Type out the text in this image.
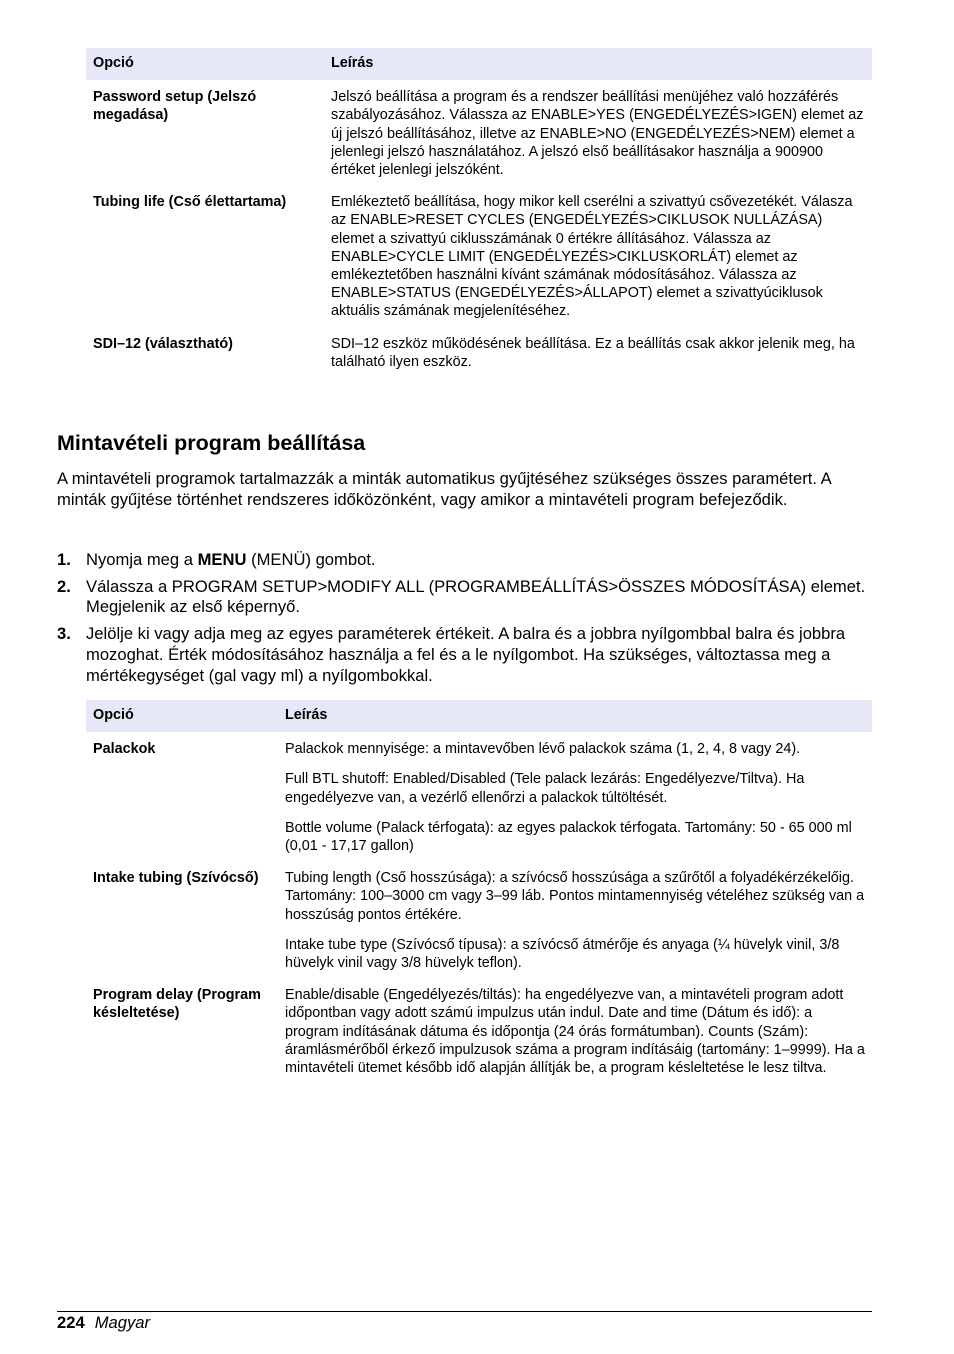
Opció	Leírás
Password setup (Jelszó megadása)	Jelszó beállítása a program és a rendszer beállítási menüjéhez való hozzáférés szabályozásához. Válassza az ENABLE>YES (ENGEDÉLYEZÉS>IGEN) elemet az új jelszó beállításához, illetve az ENABLE>NO (ENGEDÉLYEZÉS>NEM) elemet a jelenlegi jelszó használatához. A jelszó első beállításakor használja a 900900 értéket jelenlegi jelszóként.

Tubing life (Cső élettartama)	Emlékeztető beállítása, hogy mikor kell cserélni a szivattyú csővezetékét. Válasza az ENABLE>RESET CYCLES (ENGEDÉLYEZÉS>CIKLUSOK NULLÁZÁSA) elemet a szivattyú ciklusszámának 0 értékre állításához. Válassza az ENABLE>CYCLE LIMIT (ENGEDÉLYEZÉS>CIKLUSKORLÁT) elemet az emlékeztetőben használni kívánt számának módosításához. Válassza az ENABLE>STATUS (ENGEDÉLYEZÉS>ÁLLAPOT) elemet a szivattyúciklusok aktuális számának megjelenítéséhez.

SDI–12 (választható)	SDI–12 eszköz működésének beállítása. Ez a beállítás csak akkor jelenik meg, ha található ilyen eszköz.

Mintavételi program beállítása

A mintavételi programok tartalmazzák a minták automatikus gyűjtéséhez szükséges összes paramétert. A minták gyűjtése történhet rendszeres időközönként, vagy amikor a mintavételi program befejeződik.

1. Nyomja meg a MENU (MENÜ) gombot.
2. Válassza a PROGRAM SETUP>MODIFY ALL (PROGRAMBEÁLLÍTÁS>ÖSSZES MÓDOSÍTÁSA) elemet. Megjelenik az első képernyő.
3. Jelölje ki vagy adja meg az egyes paraméterek értékeit. A balra és a jobbra nyílgombbal balra és jobbra mozoghat. Érték módosításához használja a fel és a le nyílgombot. Ha szükséges, változtassa meg a mértékegységet (gal vagy ml) a nyílgombokkal.
Opció	Leírás
Palackok	Palackok mennyisége: a mintavevőben lévő palackok száma (1, 2, 4, 8 vagy 24).

Full BTL shutoff: Enabled/Disabled (Tele palack lezárás: Engedélyezve/Tiltva). Ha engedélyezve van, a vezérlő ellenőrzi a palackok túltöltését.

Bottle volume (Palack térfogata): az egyes palackok térfogata. Tartomány: 50 - 65 000 ml (0,01 - 17,17 gallon)

Intake tubing (Szívócső)	Tubing length (Cső hosszúsága): a szívócső hosszúsága a szűrőtől a folyadékérzékelőig. Tartomány: 100–3000 cm vagy 3–99 láb. Pontos mintamennyiség vételéhez szükség van a hosszúság pontos értékére.

Intake tube type (Szívócső típusa): a szívócső átmérője és anyaga (¼ hüvelyk vinil, 3/8 hüvelyk vinil vagy 3/8 hüvelyk teflon).

Program delay (Program késleltetése)	Enable/disable (Engedélyezés/tiltás): ha engedélyezve van, a mintavételi program adott időpontban vagy adott számú impulzus után indul. Date and time (Dátum és idő): a program indításának dátuma és időpontja (24 órás formátumban). Counts (Szám): áramlásmérőből érkező impulzusok száma a program indításáig (tartomány: 1–9999). Ha a mintavételi ütemet később idő alapján állítják be, a program késleltetése le lesz tiltva.

224 Magyar
